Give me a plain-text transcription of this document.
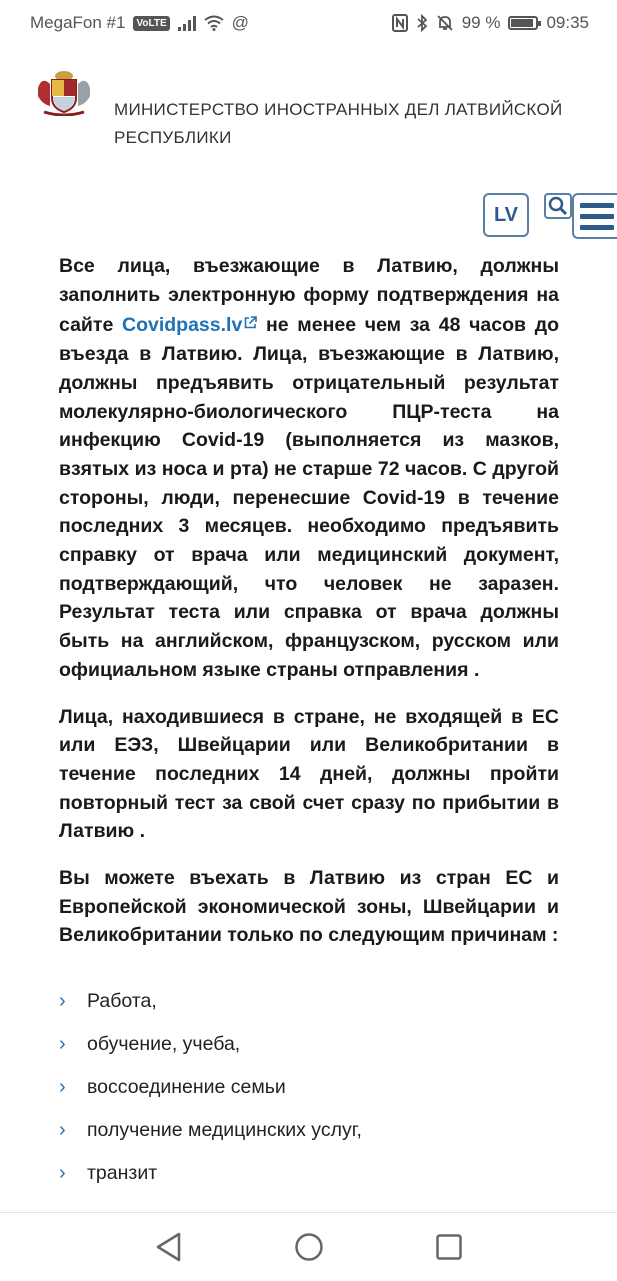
MegaFon #1	VoLTE	@	99 %	09:35
МИНИСТЕРСТВО ИНОСТРАННЫХ ДЕЛ ЛАТВИЙСКОЙ РЕСПУБЛИКИ
LV

Все лица, въезжающие в Латвию, должны заполнить электронную форму подтверждения на сайте Covidpass.lv не менее чем за 48 часов до въезда в Латвию. Лица, въезжающие в Латвию, должны предъявить отрицательный результат молекулярно-биологического ПЦР-теста на инфекцию Covid-19 (выполняется из мазков, взятых из носа и рта) не старше 72 часов. С другой стороны, люди, перенесшие Covid-19 в течение последних 3 месяцев. необходимо предъявить справку от врача или медицинский документ, подтверждающий, что человек не заразен. Результат теста или справка от врача должны быть на английском, французском, русском или официальном языке страны отправления .

Лица, находившиеся в стране, не входящей в ЕС или ЕЭЗ, Швейцарии или Великобритании в течение последних 14 дней, должны пройти повторный тест за свой счет сразу по прибытии в Латвию .

Вы можете въехать в Латвию из стран ЕС и Европейской экономической зоны, Швейцарии и Великобритании только по следующим причинам :

›	Работа,
›	обучение, учеба,
›	воссоединение семьи
›	получение медицинских услуг,
›	транзит
